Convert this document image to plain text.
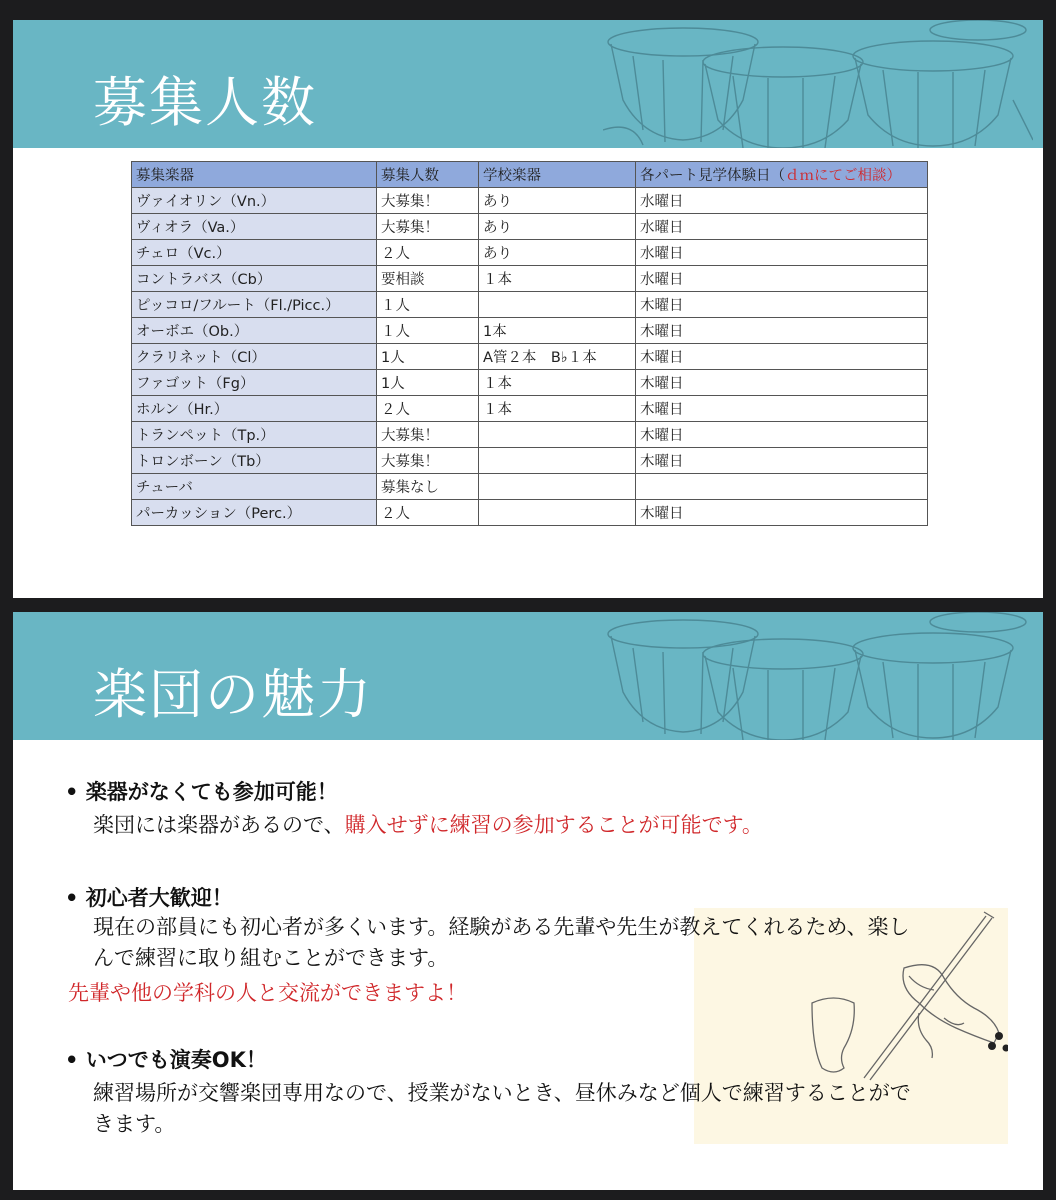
募集人数
募集楽器	募集人数	学校楽器	各パート見学体験日（ｄｍにてご相談）
ヴァイオリン（Vn.）	大募集！	あり	水曜日
ヴィオラ（Va.）	大募集！	あり	水曜日
チェロ（Vc.）	２人	あり	水曜日
コントラバス（Cb）	要相談	１本	水曜日
ピッコロ/フルート（Fl./Picc.）	１人		木曜日
オーボエ（Ob.）	１人	1本	木曜日
クラリネット（Cl）	1人	A管２本　B♭１本	木曜日
ファゴット（Fg）	1人	１本	木曜日
ホルン（Hr.）	２人	１本	木曜日
トランペット（Tp.）	大募集！		木曜日
トロンボーン（Tb）	大募集！		木曜日
チューバ	募集なし		
パーカッション（Perc.）	２人		木曜日
楽団の魅力
• 楽器がなくても参加可能！
楽団には楽器があるので、購入せずに練習の参加することが可能です。
• 初心者大歓迎！
現在の部員にも初心者が多くいます。経験がある先輩や先生が教えてくれるため、楽しんで練習に取り組むことができます。
先輩や他の学科の人と交流ができますよ！
• いつでも演奏OK！
練習場所が交響楽団専用なので、授業がないとき、昼休みなど個人で練習することができます。
